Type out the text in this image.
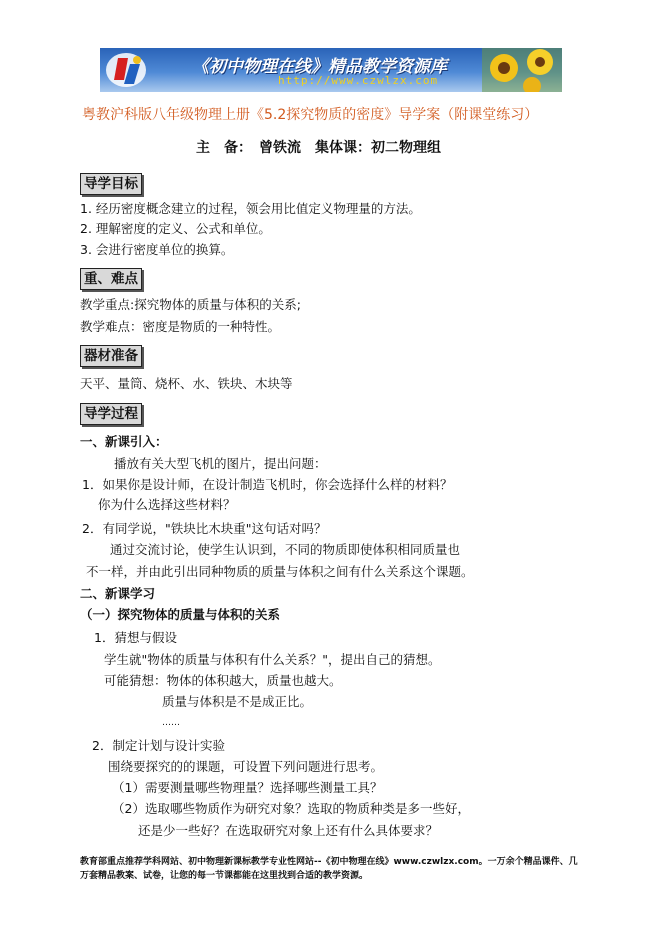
《初中物理在线》精品教学资源库
http://www.czwlzx.com
粤教沪科版八年级物理上册《5.2探究物质的密度》导学案（附课堂练习）
主　备：　曾铁流　集体课：初二物理组
导学目标
1. 经历密度概念建立的过程，领会用比值定义物理量的方法。
2. 理解密度的定义、公式和单位。
3. 会进行密度单位的换算。
重、难点
教学重点:探究物体的质量与体积的关系;
教学难点：密度是物质的一种特性。
器材准备
天平、量筒、烧杯、水、铁块、木块等
导学过程
一、新课引入：
播放有关大型飞机的图片，提出问题：
1．如果你是设计师，在设计制造飞机时，你会选择什么样的材料？
你为什么选择这些材料？
2．有同学说，"铁块比木块重"这句话对吗？
通过交流讨论，使学生认识到，不同的物质即使体积相同质量也
不一样，并由此引出同种物质的质量与体积之间有什么关系这个课题。
二、新课学习
（一）探究物体的质量与体积的关系
1．猜想与假设
学生就"物体的质量与体积有什么关系？"，提出自己的猜想。
可能猜想：物体的体积越大，质量也越大。
质量与体积是不是成正比。
……
2．制定计划与设计实验
围绕要探究的的课题，可设置下列问题进行思考。
（1）需要测量哪些物理量？选择哪些测量工具？
（2）选取哪些物质作为研究对象？选取的物质种类是多一些好，
还是少一些好？在选取研究对象上还有什么具体要求？
教育部重点推荐学科网站、初中物理新课标教学专业性网站--《初中物理在线》www.czwlzx.com。一万余个精品课件、几万套精品教案、试卷，让您的每一节课都能在这里找到合适的教学资源。
